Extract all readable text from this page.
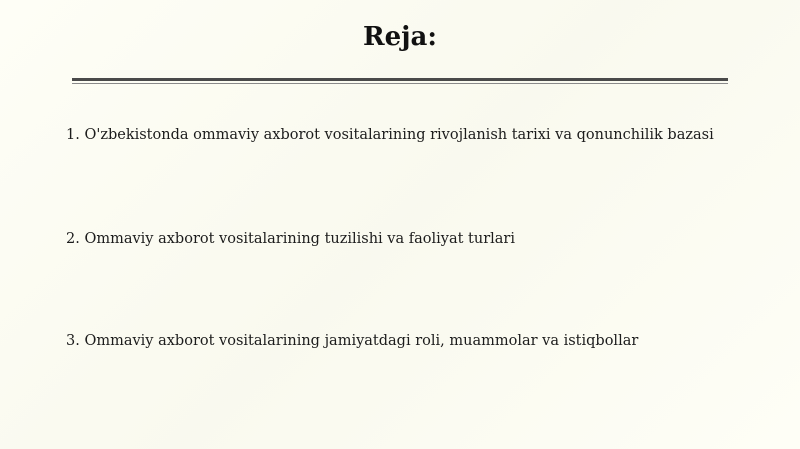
Reja:
1. O'zbekistonda ommaviy axborot vositalarining rivojlanish tarixi va qonunchilik bazasi
2. Ommaviy axborot vositalarining tuzilishi va faoliyat turlari
3. Ommaviy axborot vositalarining jamiyatdagi roli, muammolar va istiqbollar
